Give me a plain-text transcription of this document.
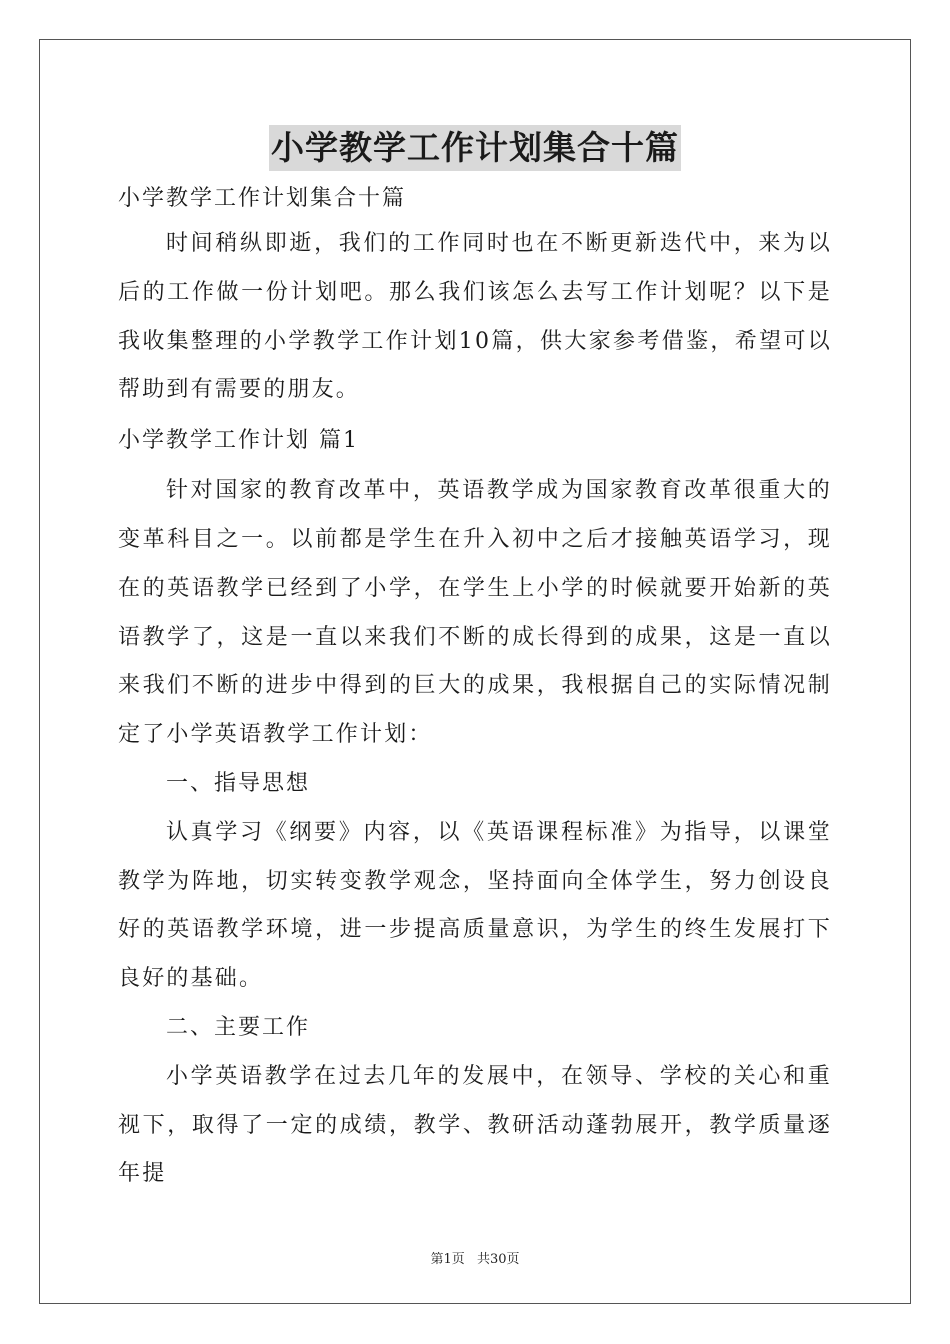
小学教学工作计划集合十篇
小学教学工作计划集合十篇

时间稍纵即逝，我们的工作同时也在不断更新迭代中，来为以后的工作做一份计划吧。那么我们该怎么去写工作计划呢？以下是我收集整理的小学教学工作计划10篇，供大家参考借鉴，希望可以帮助到有需要的朋友。

小学教学工作计划 篇1

针对国家的教育改革中，英语教学成为国家教育改革很重大的变革科目之一。以前都是学生在升入初中之后才接触英语学习，现在的英语教学已经到了小学，在学生上小学的时候就要开始新的英语教学了，这是一直以来我们不断的成长得到的成果，这是一直以来我们不断的进步中得到的巨大的成果，我根据自己的实际情况制定了小学英语教学工作计划：

一、指导思想

认真学习《纲要》内容，以《英语课程标准》为指导，以课堂教学为阵地，切实转变教学观念，坚持面向全体学生，努力创设良好的英语教学环境，进一步提高质量意识，为学生的终生发展打下良好的基础。

二、主要工作

小学英语教学在过去几年的发展中，在领导、学校的关心和重视下，取得了一定的成绩，教学、教研活动蓬勃展开，教学质量逐年提

第1页 共30页
